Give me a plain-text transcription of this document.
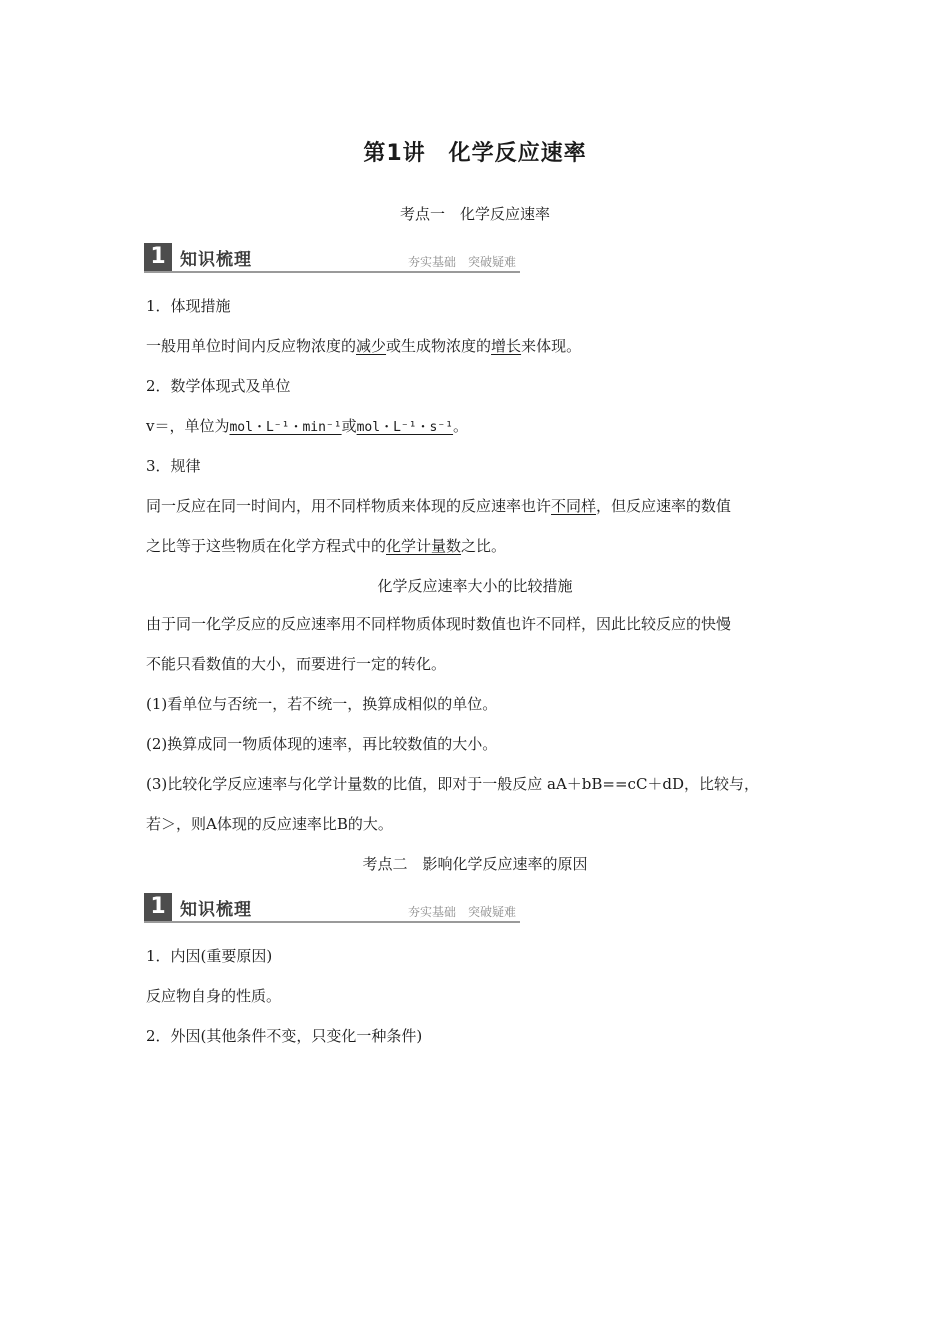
第1讲　化学反应速率
考点一　化学反应速率
1 知识梳理	夯实基础　突破疑难
1．体现措施
一般用单位时间内反应物浓度的减少或生成物浓度的增长来体现。
2．数学体现式及单位
v＝，单位为mol・L⁻¹・min⁻¹或mol・L⁻¹・s⁻¹。
3．规律
同一反应在同一时间内，用不同样物质来体现的反应速率也许不同样，但反应速率的数值
之比等于这些物质在化学方程式中的化学计量数之比。
化学反应速率大小的比较措施
由于同一化学反应的反应速率用不同样物质体现时数值也许不同样，因此比较反应的快慢
不能只看数值的大小，而要进行一定的转化。
(1)看单位与否统一，若不统一，换算成相似的单位。
(2)换算成同一物质体现的速率，再比较数值的大小。
(3)比较化学反应速率与化学计量数的比值，即对于一般反应 aA＋bB==cC＋dD，比较与，
若＞，则A体现的反应速率比B的大。
考点二　影响化学反应速率的原因
1 知识梳理	夯实基础　突破疑难
1．内因(重要原因)
反应物自身的性质。
2．外因(其他条件不变，只变化一种条件)
